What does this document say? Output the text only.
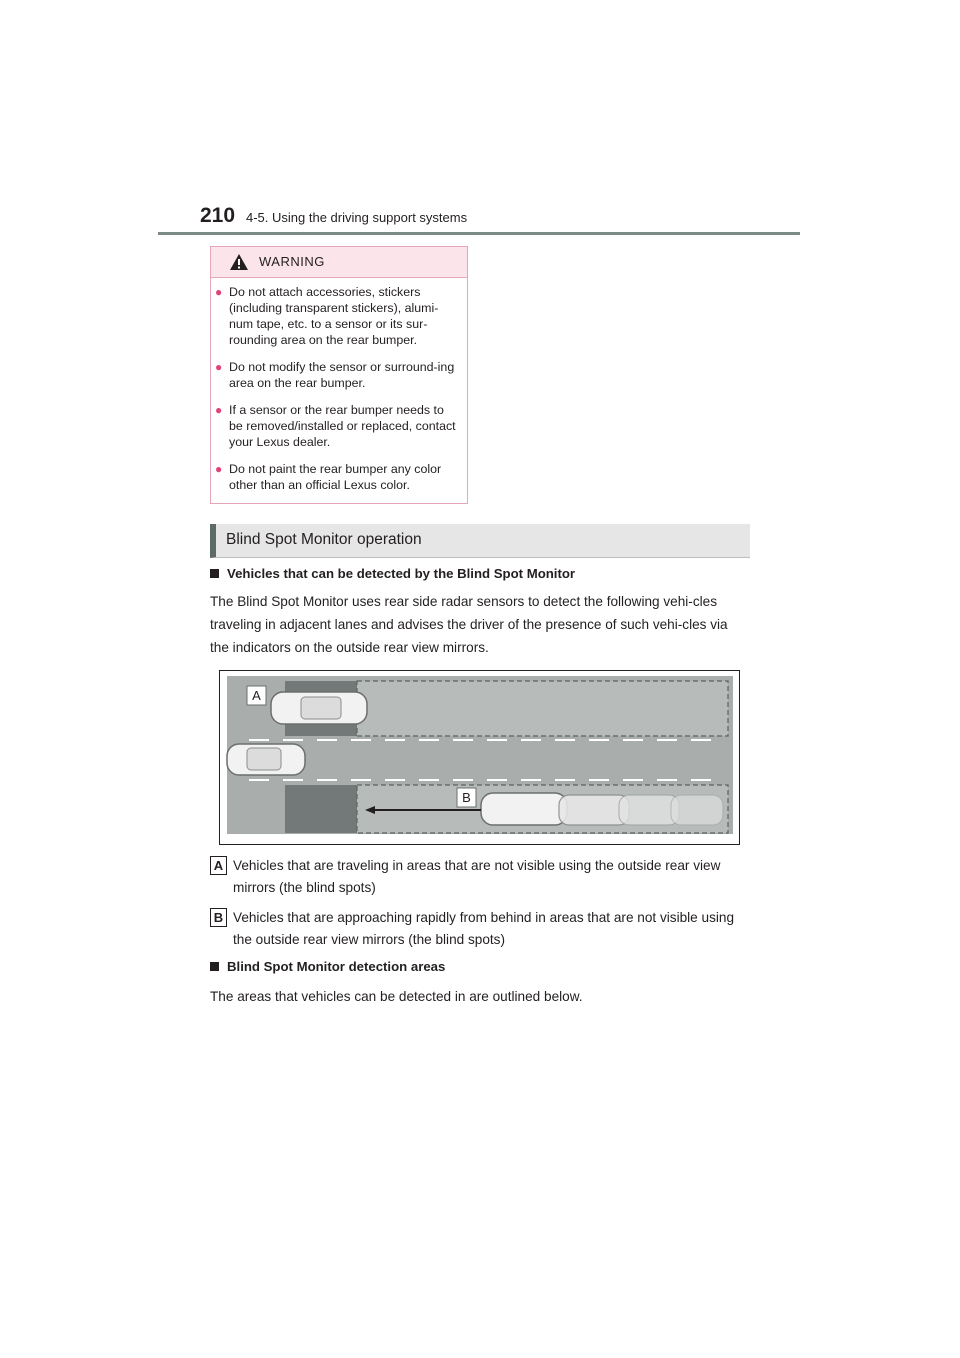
210 4-5. Using the driving support systems
WARNING
● Do not attach accessories, stickers (including transparent stickers), alumi-num tape, etc. to a sensor or its sur-rounding area on the rear bumper.
● Do not modify the sensor or surround-ing area on the rear bumper.
● If a sensor or the rear bumper needs to be removed/installed or replaced, contact your Lexus dealer.
● Do not paint the rear bumper any color other than an official Lexus color.
Blind Spot Monitor operation
Vehicles that can be detected by the Blind Spot Monitor
The Blind Spot Monitor uses rear side radar sensors to detect the following vehi-cles traveling in adjacent lanes and advises the driver of the presence of such vehi-cles via the indicators on the outside rear view mirrors.
A
B
A Vehicles that are traveling in areas that are not visible using the outside rear view mirrors (the blind spots)
B Vehicles that are approaching rapidly from behind in areas that are not visible using the outside rear view mirrors (the blind spots)
Blind Spot Monitor detection areas
The areas that vehicles can be detected in are outlined below.
